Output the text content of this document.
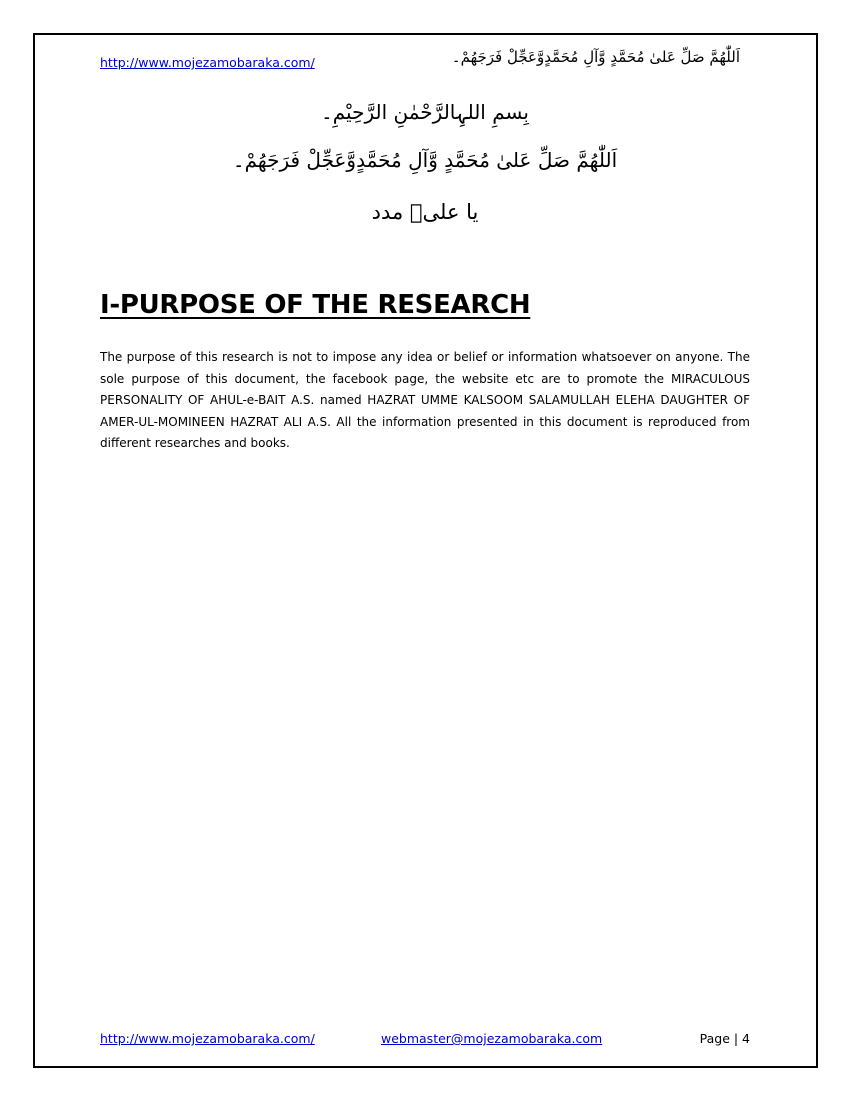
http://www.mojezamobaraka.com/	اَللّٰهُمَّ صَلِّ عَلیٰ مُحَمَّدٍ وَّآلِ مُحَمَّدٍوَّعَجِّلْ فَرَجَهُمْ۔
بِسمِ اللہِالرَّحْمٰنِ الرَّحِیْمِ۔
اَللّٰهُمَّ صَلِّ عَلیٰ مُحَمَّدٍ وَّآلِ مُحَمَّدٍوَّعَجِّلْ فَرَجَهُمْ۔
یا علیؑ مدد
I-PURPOSE OF THE RESEARCH

The purpose of this research is not to impose any idea or belief or information whatsoever on anyone. The sole purpose of this document, the facebook page, the website etc are to promote the MIRACULOUS PERSONALITY OF AHUL-e-BAIT A.S. named HAZRAT UMME KALSOOM SALAMULLAH ELEHA DAUGHTER OF AMER-UL-MOMINEEN HAZRAT ALI A.S. All the information presented in this document is reproduced from different researches and books.

http://www.mojezamobaraka.com/	webmaster@mojezamobaraka.com	Page | 4
